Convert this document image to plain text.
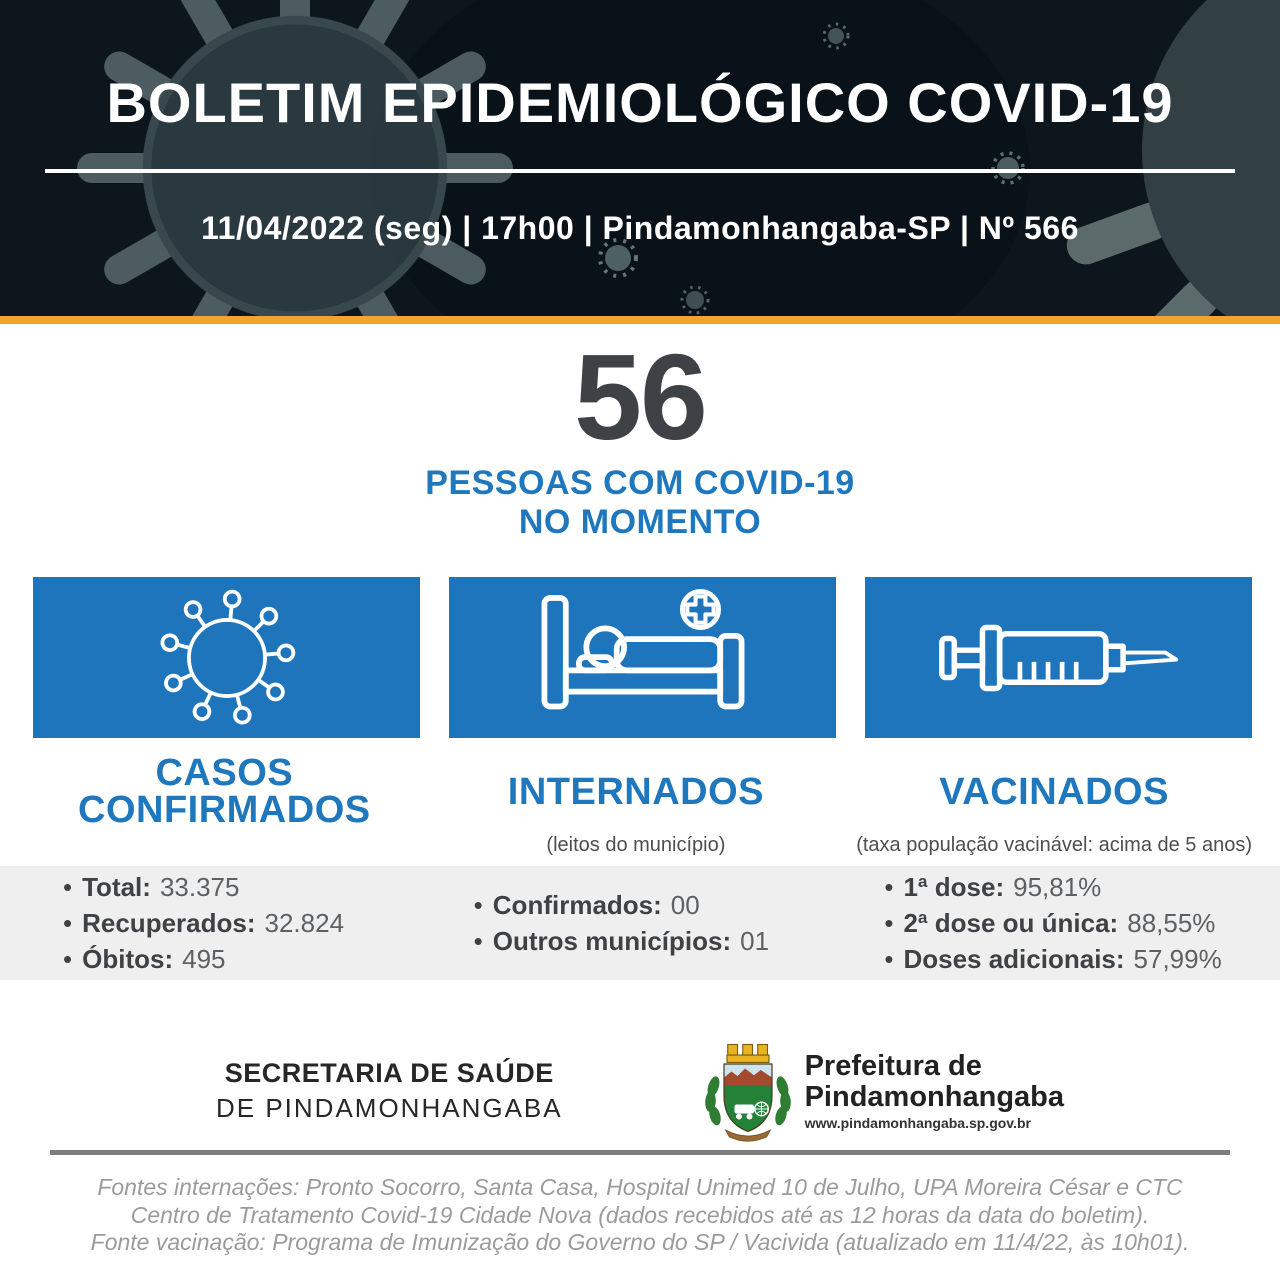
BOLETIM EPIDEMIOLÓGICO COVID-19
11/04/2022 (seg) | 17h00 | Pindamonhangaba-SP | Nº 566
56
PESSOAS COM COVID-19
NO MOMENTO
CASOS
CONFIRMADOS	INTERNADOS
(leitos do município)
VACINADOS
(taxa população vacinável: acima de 5 anos)
• Total: 33.375
• Recuperados: 32.824
• Óbitos: 495
• Confirmados: 00
• Outros municípios: 01
• 1ª dose: 95,81%
• 2ª dose ou única: 88,55%
• Doses adicionais: 57,99%
SECRETARIA DE SAÚDE
DE PINDAMONHANGABA
Prefeitura de
Pindamonhangaba
www.pindamonhangaba.sp.gov.br
Fontes internações: Pronto Socorro, Santa Casa, Hospital Unimed 10 de Julho, UPA Moreira César e CTC
Centro de Tratamento Covid-19 Cidade Nova (dados recebidos até as 12 horas da data do boletim).
Fonte vacinação: Programa de Imunização do Governo do SP / Vacivida (atualizado em 11/4/22, às 10h01).
